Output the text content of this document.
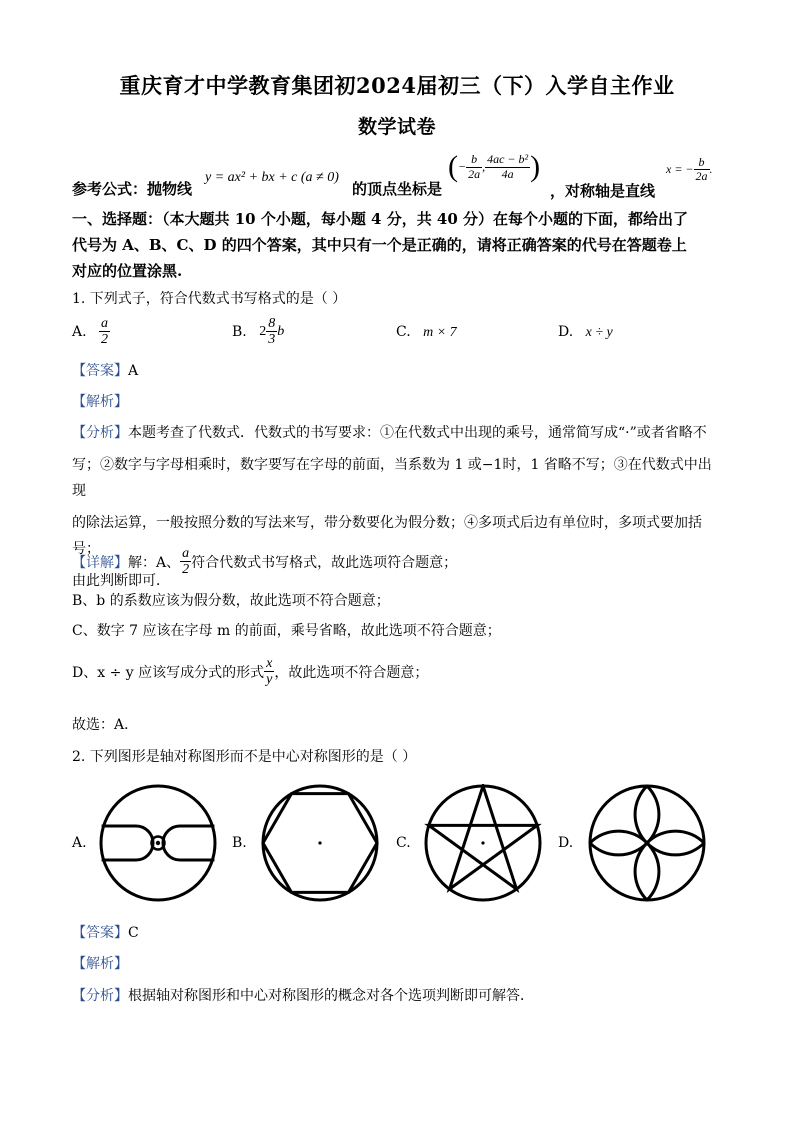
重庆育才中学教育集团初2024届初三（下）入学自主作业
数学试卷
参考公式：抛物线
y = ax² + bx + c (a ≠ 0)
的顶点坐标是
(− $\frac{b}{2a}$ , $\frac{\text{4ac − b²}}{4a}$ )
，对称轴是直线
x = − $\frac{b}{2a}$ .
一、选择题：（本大题共 10 个小题，每小题 4 分，共 40 分）在每个小题的下面，都给出了
代号为 A、B、C、D 的四个答案，其中只有一个是正确的，请将正确答案的代号在答题卷上
对应的位置涂黑.
1. 下列式子，符合代数式书写格式的是（ ）
A. $\frac{a}{2}$	B. $2 \frac{8}{3}$ b	C. m × 7	D. x ÷ y
【答案】A
【解析】
【分析】本题考查了代数式．代数式的书写要求：①在代数式中出现的乘号，通常简写成“·”或者省略不
写；②数字与字母相乘时，数字要写在字母的前面，当系数为 1 或−1时，1 省略不写；③在代数式中出现
的除法运算，一般按照分数的写法来写，带分数要化为假分数；④多项式后边有单位时，多项式要加括号；
由此判断即可．
【详解】解：A、 $\frac{a}{2}$ 符合代数式书写格式，故此选项符合题意；
B、b 的系数应该为假分数，故此选项不符合题意；
C、数字 7 应该在字母 m 的前面，乘号省略，故此选项不符合题意；
D、x ÷ y 应该写成分式的形式 $\frac{x}{y}$ ，故此选项不符合题意；
故选：A．
2. 下列图形是轴对称图形而不是中心对称图形的是（ ）
A.	B.	C.	D.
【答案】C
【解析】
【分析】根据轴对称图形和中心对称图形的概念对各个选项判断即可解答．
